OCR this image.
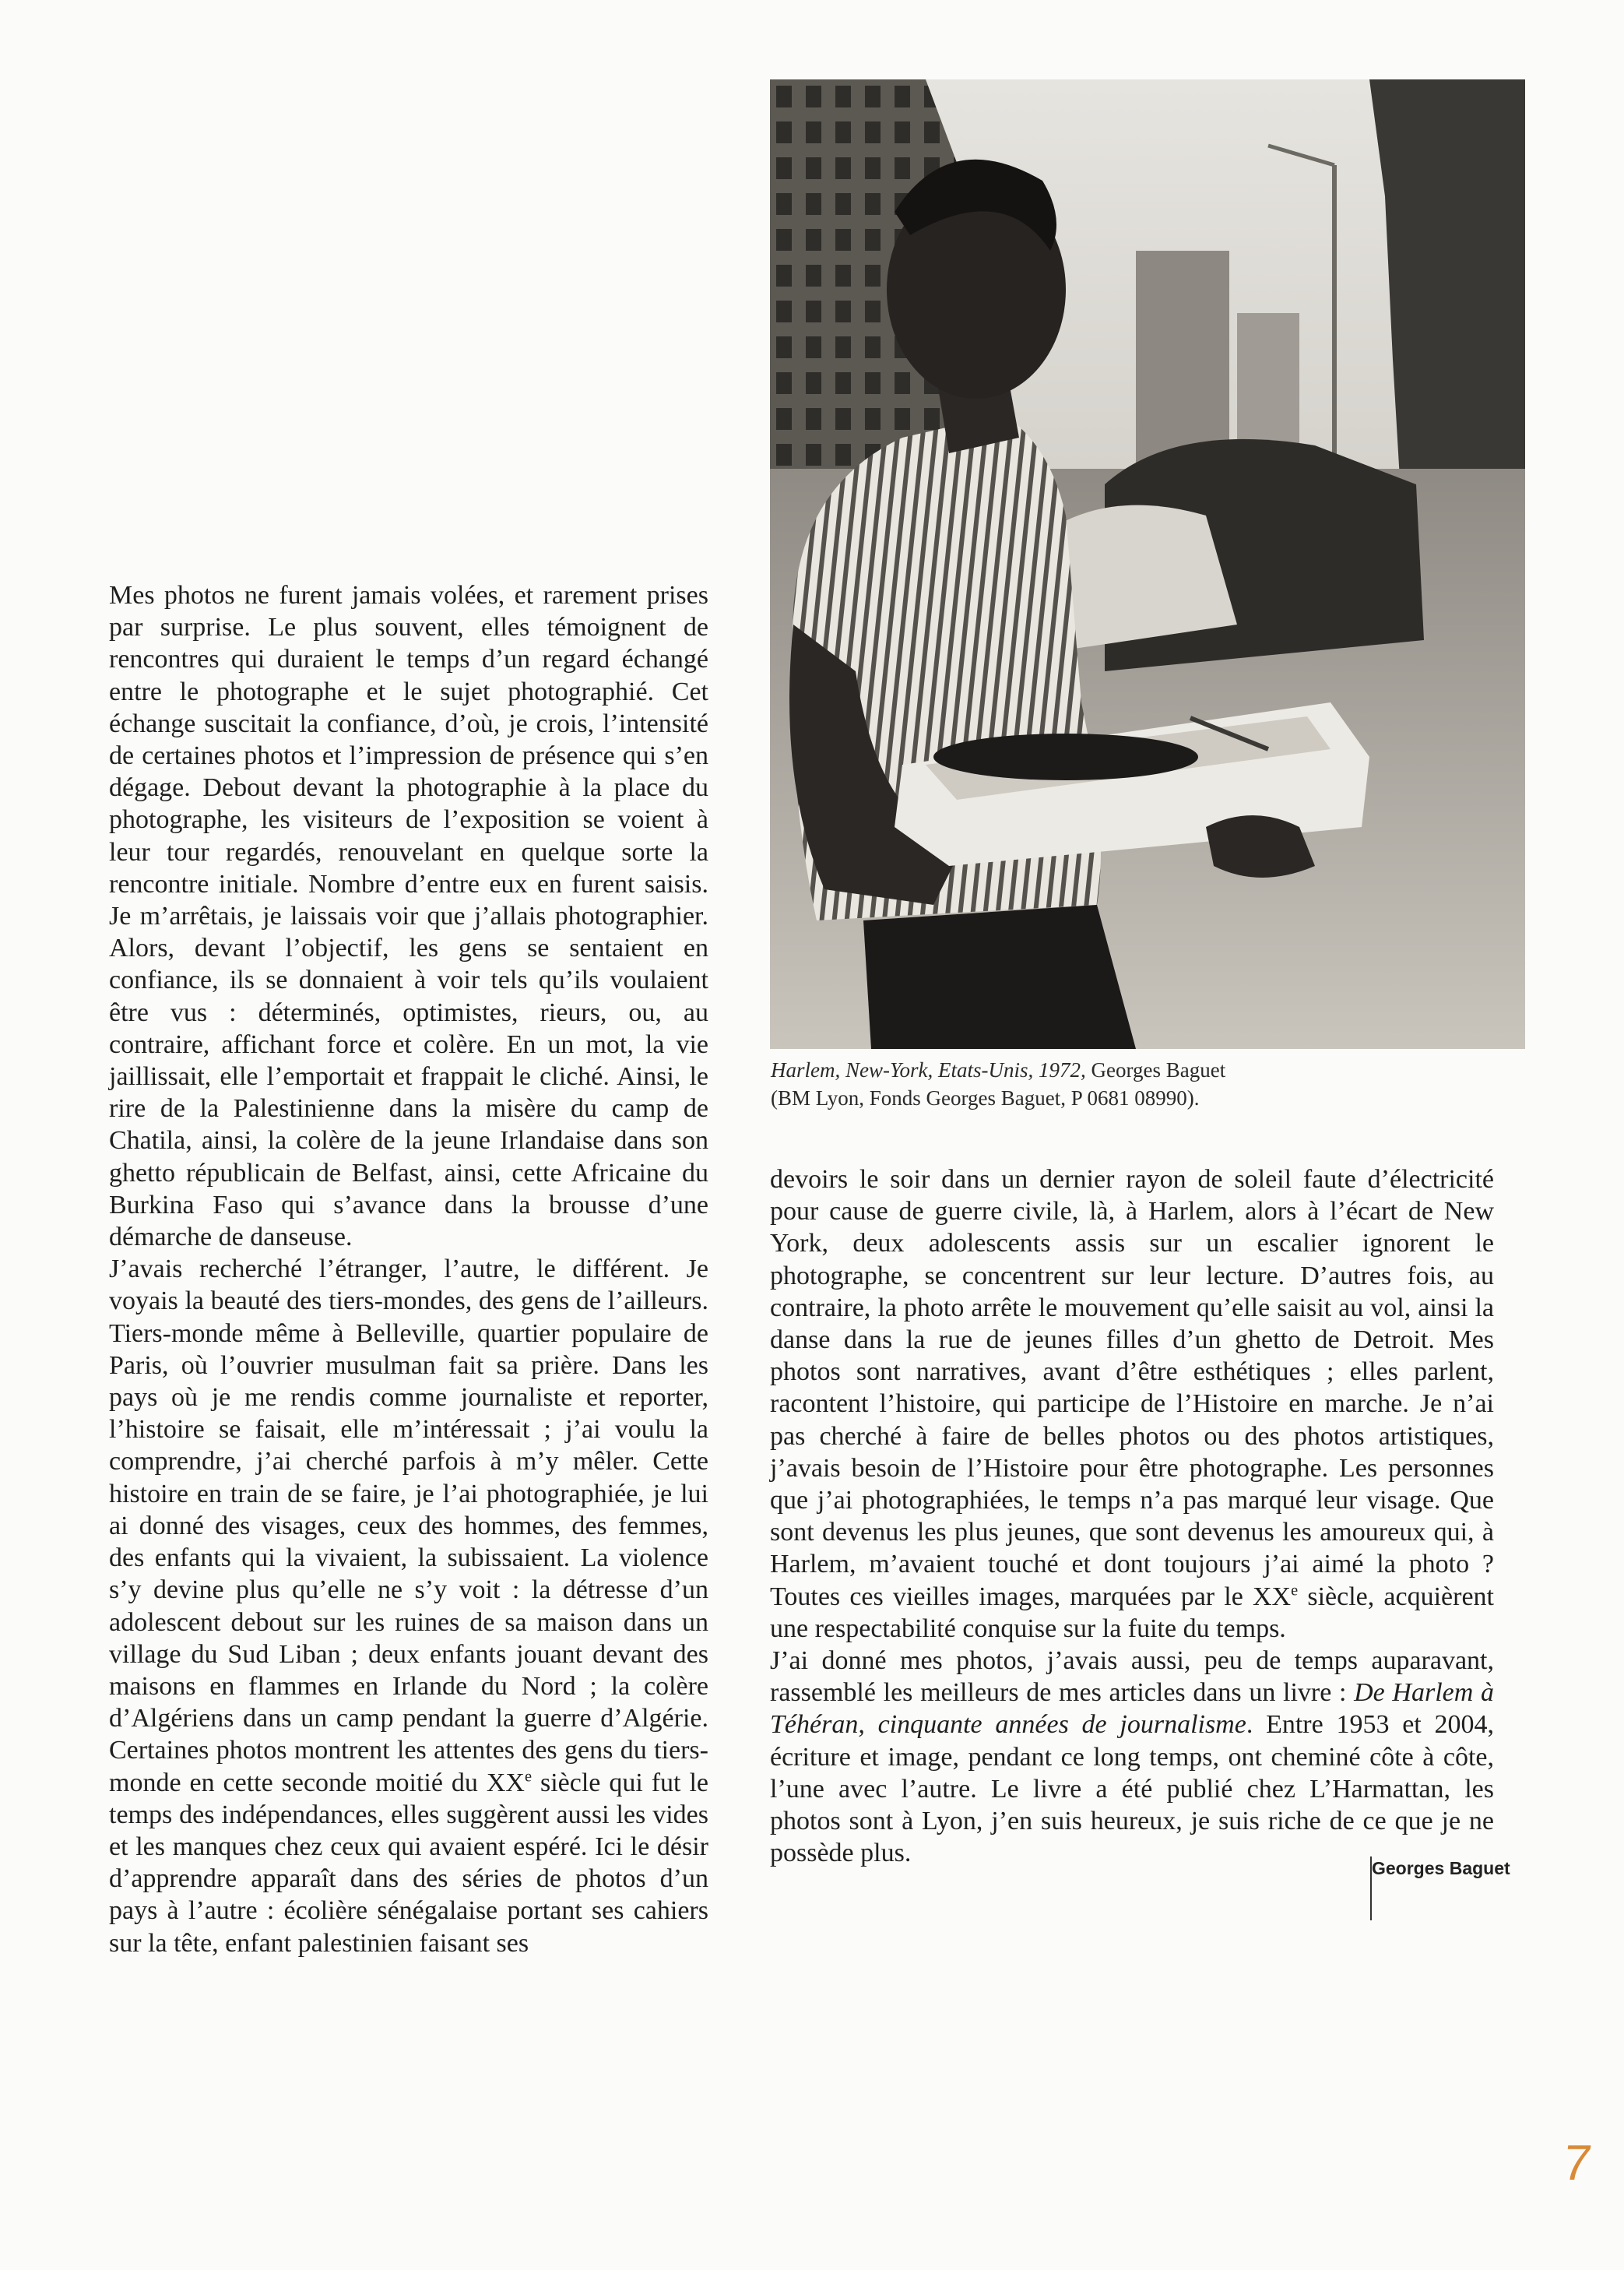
Harlem, New-York, Etats-Unis, 1972, Georges Baguet
(BM Lyon, Fonds Georges Baguet, P 0681 08990).

Mes photos ne furent jamais volées, et rarement prises par surprise. Le plus souvent, elles témoignent de rencontres qui duraient le temps d’un regard échangé entre le photographe et le sujet photographié. Cet échange suscitait la confiance, d’où, je crois, l’intensité de certaines photos et l’impression de présence qui s’en dégage. Debout devant la photographie à la place du photographe, les visiteurs de l’exposition se voient à leur tour regardés, renouvelant en quelque sorte la rencontre initiale. Nombre d’entre eux en furent saisis. Je m’arrêtais, je laissais voir que j’allais photographier. Alors, devant l’objectif, les gens se sentaient en confiance, ils se donnaient à voir tels qu’ils voulaient être vus : déterminés, optimistes, rieurs, ou, au contraire, affichant force et colère. En un mot, la vie jaillissait, elle l’emportait et frappait le cliché. Ainsi, le rire de la Palestinienne dans la misère du camp de Chatila, ainsi, la colère de la jeune Irlandaise dans son ghetto républicain de Belfast, ainsi, cette Africaine du Burkina Faso qui s’avance dans la brousse d’une démarche de danseuse.

J’avais recherché l’étranger, l’autre, le différent. Je voyais la beauté des tiers-mondes, des gens de l’ailleurs. Tiers-monde même à Belleville, quartier populaire de Paris, où l’ouvrier musulman fait sa prière. Dans les pays où je me rendis comme journaliste et reporter, l’histoire se faisait, elle m’intéressait ; j’ai voulu la comprendre, j’ai cherché parfois à m’y mêler. Cette histoire en train de se faire, je l’ai photographiée, je lui ai donné des visages, ceux des hommes, des femmes, des enfants qui la vivaient, la subissaient. La violence s’y devine plus qu’elle ne s’y voit : la détresse d’un adolescent debout sur les ruines de sa maison dans un village du Sud Liban ; deux enfants jouant devant des maisons en flammes en Irlande du Nord ; la colère d’Algériens dans un camp pendant la guerre d’Algérie. Certaines photos montrent les attentes des gens du tiers-monde en cette seconde moitié du XXe siècle qui fut le temps des indépendances, elles suggèrent aussi les vides et les manques chez ceux qui avaient espéré. Ici le désir d’apprendre apparaît dans des séries de photos d’un pays à l’autre : écolière sénégalaise portant ses cahiers sur la tête, enfant palestinien faisant ses

devoirs le soir dans un dernier rayon de soleil faute d’électricité pour cause de guerre civile, là, à Harlem, alors à l’écart de New York, deux adolescents assis sur un escalier ignorent le photographe, se concentrent sur leur lecture. D’autres fois, au contraire, la photo arrête le mouvement qu’elle saisit au vol, ainsi la danse dans la rue de jeunes filles d’un ghetto de Detroit. Mes photos sont narratives, avant d’être esthétiques ; elles parlent, racontent l’histoire, qui participe de l’Histoire en marche. Je n’ai pas cherché à faire de belles photos ou des photos artistiques, j’avais besoin de l’Histoire pour être photographe. Les personnes que j’ai photographiées, le temps n’a pas marqué leur visage. Que sont devenus les plus jeunes, que sont devenus les amoureux qui, à Harlem, m’avaient touché et dont toujours j’ai aimé la photo ? Toutes ces vieilles images, marquées par le XXe siècle, acquièrent une respectabilité conquise sur la fuite du temps.

J’ai donné mes photos, j’avais aussi, peu de temps auparavant, rassemblé les meilleurs de mes articles dans un livre : De Harlem à Téhéran, cinquante années de journalisme. Entre 1953 et 2004, écriture et image, pendant ce long temps, ont cheminé côte à côte, l’une avec l’autre. Le livre a été publié chez L’Harmattan, les photos sont à Lyon, j’en suis heureux, je suis riche de ce que je ne possède plus.

Georges Baguet
7
